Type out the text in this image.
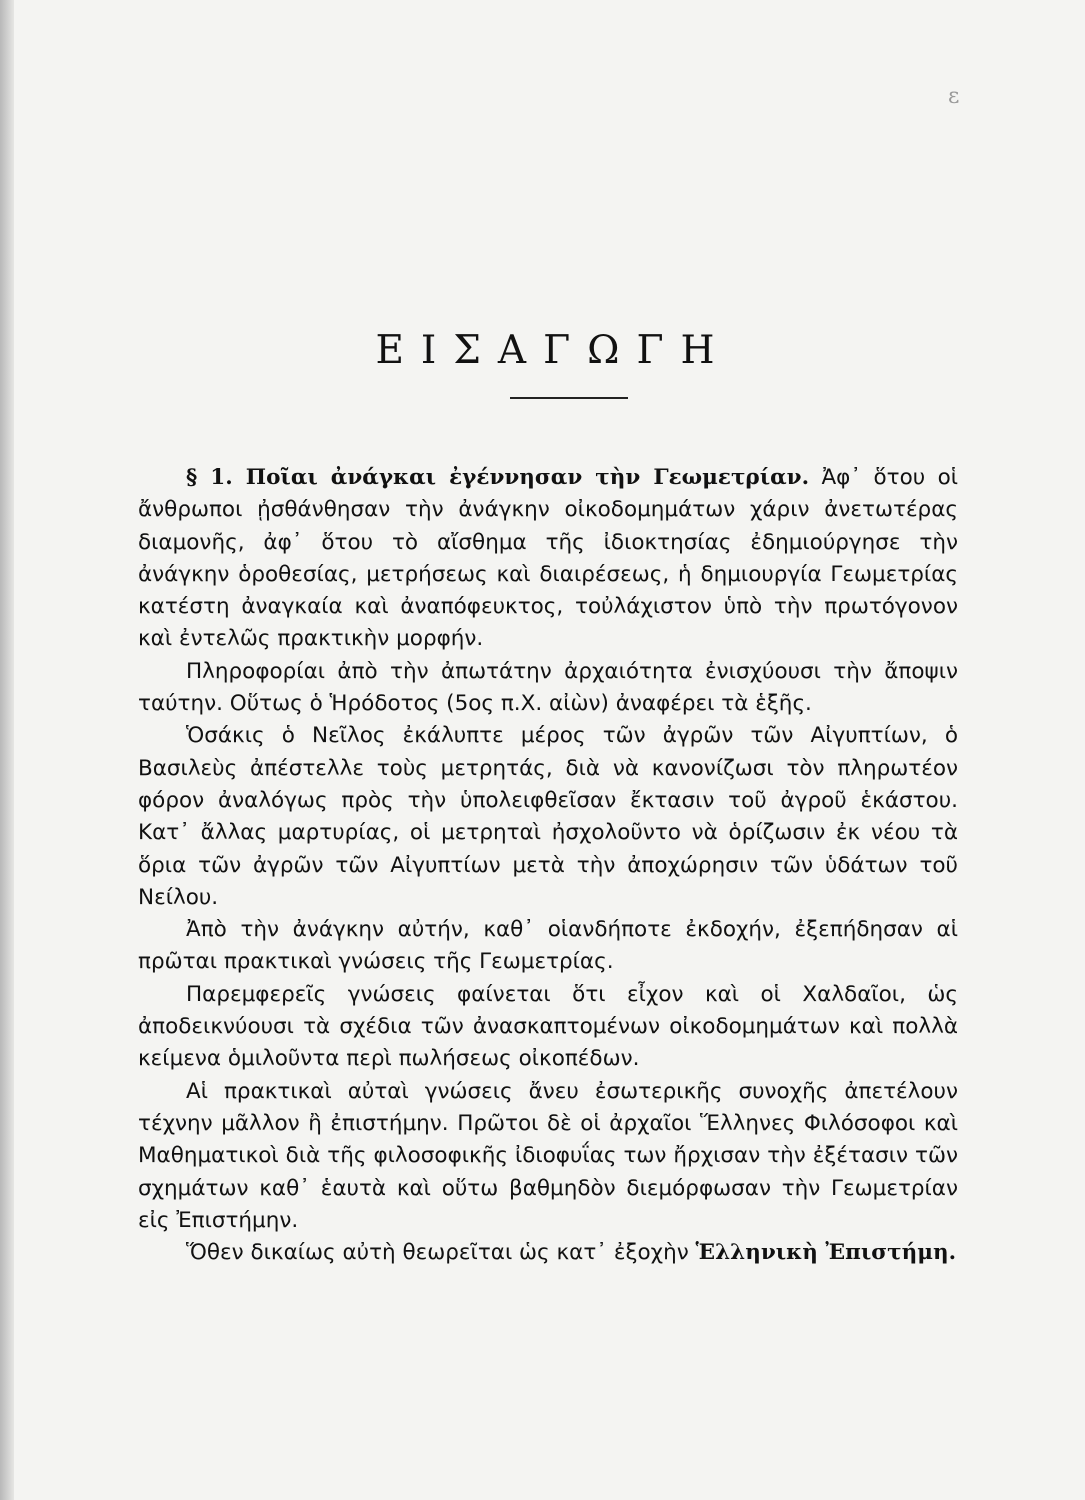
ε
ΕΙΣΑΓΩΓΗ

§ 1. Ποῖαι ἀνάγκαι ἐγέννησαν τὴν Γεωμετρίαν. Ἀφ᾽ ὅτου οἱ ἄνθρωποι ᾐσθάνθησαν τὴν ἀνάγκην οἰκοδομημάτων χάριν ἀνετωτέρας διαμονῆς, ἀφ᾽ ὅτου τὸ αἴσθημα τῆς ἰδιοκτησίας ἐδημιούργησε τὴν ἀνάγκην ὁροθεσίας, μετρήσεως καὶ διαιρέσεως, ἡ δημιουργία Γεωμετρίας κατέστη ἀναγκαία καὶ ἀναπόφευκτος, τοὐλάχιστον ὑπὸ τὴν πρωτόγονον καὶ ἐντελῶς πρακτικὴν μορφήν.

Πληροφορίαι ἀπὸ τὴν ἀπωτάτην ἀρχαιότητα ἐνισχύουσι τὴν ἄποψιν ταύτην. Οὕτως ὁ Ἡρόδοτος (5ος π.Χ. αἰὼν) ἀναφέρει τὰ ἑξῆς.

Ὁσάκις ὁ Νεῖλος ἐκάλυπτε μέρος τῶν ἀγρῶν τῶν Αἰγυπτίων, ὁ Βασιλεὺς ἀπέστελλε τοὺς μετρητάς, διὰ νὰ κανονίζωσι τὸν πληρωτέον φόρον ἀναλόγως πρὸς τὴν ὑπολειφθεῖσαν ἔκτασιν τοῦ ἀγροῦ ἑκάστου. Κατ᾽ ἄλλας μαρτυρίας, οἱ μετρηταὶ ἠσχολοῦντο νὰ ὁρίζωσιν ἐκ νέου τὰ ὅρια τῶν ἀγρῶν τῶν Αἰγυπτίων μετὰ τὴν ἀποχώρησιν τῶν ὑδάτων τοῦ Νείλου.

Ἀπὸ τὴν ἀνάγκην αὐτήν, καθ᾽ οἱανδήποτε ἐκδοχήν, ἐξεπήδησαν αἱ πρῶται πρακτικαὶ γνώσεις τῆς Γεωμετρίας.

Παρεμφερεῖς γνώσεις φαίνεται ὅτι εἶχον καὶ οἱ Χαλδαῖοι, ὡς ἀποδεικνύουσι τὰ σχέδια τῶν ἀνασκαπτομένων οἰκοδομημάτων καὶ πολλὰ κείμενα ὁμιλοῦντα περὶ πωλήσεως οἰκοπέδων.

Αἱ πρακτικαὶ αὐταὶ γνώσεις ἄνευ ἐσωτερικῆς συνοχῆς ἀπετέλουν τέχνην μᾶλλον ἢ ἐπιστήμην. Πρῶτοι δὲ οἱ ἀρχαῖοι Ἕλληνες Φιλόσοφοι καὶ Μαθηματικοὶ διὰ τῆς φιλοσοφικῆς ἰδιοφυΐας των ἤρχισαν τὴν ἐξέτασιν τῶν σχημάτων καθ᾽ ἑαυτὰ καὶ οὕτω βαθμηδὸν διεμόρφωσαν τὴν Γεωμετρίαν εἰς Ἐπιστήμην.

Ὅθεν δικαίως αὐτὴ θεωρεῖται ὡς κατ᾽ ἐξοχὴν Ἑλληνικὴ Ἐπιστήμη.
